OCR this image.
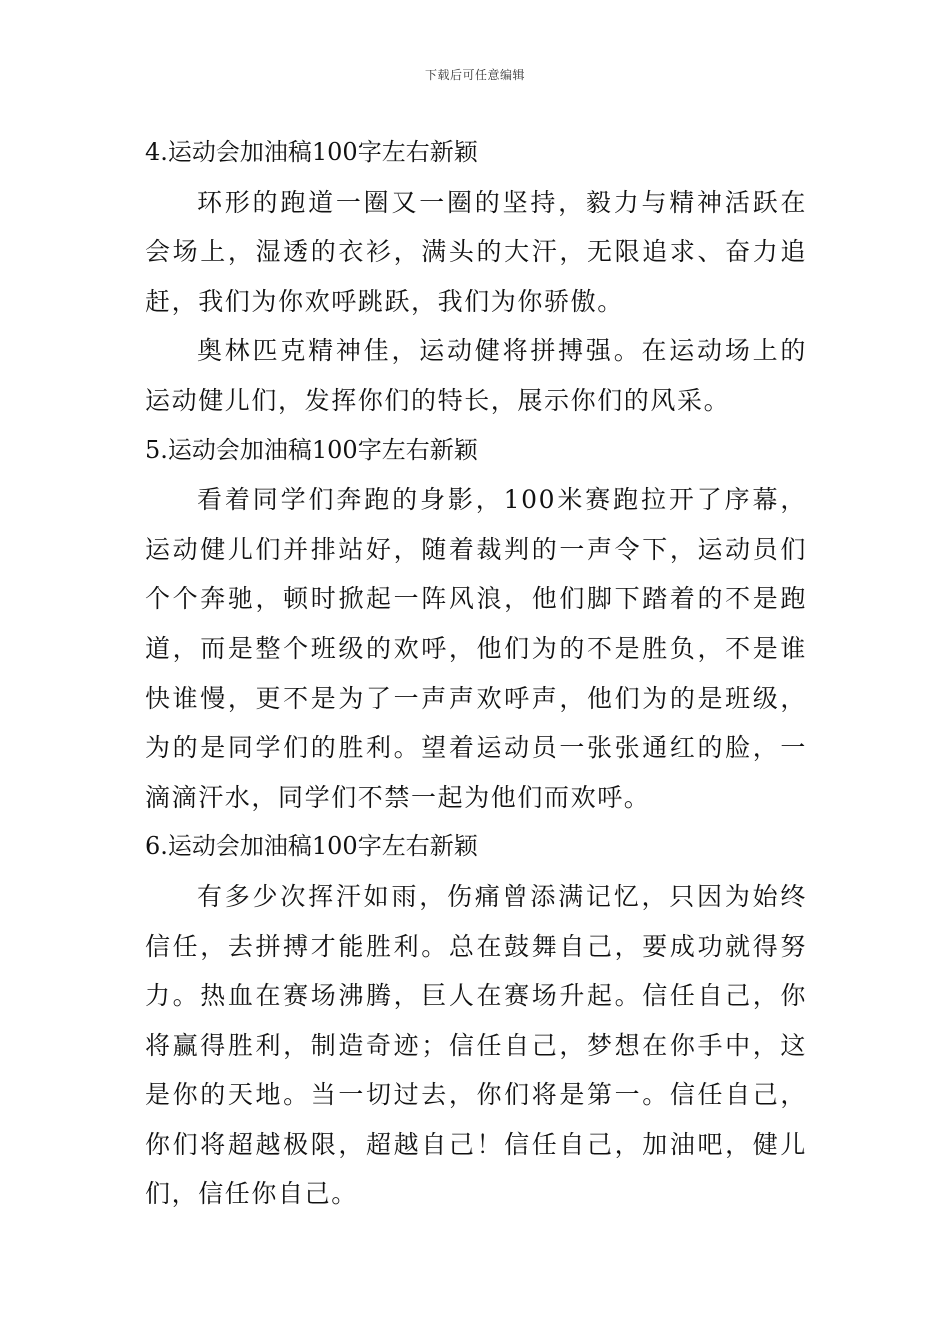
下载后可任意编辑
4.运动会加油稿100字左右新颖

环形的跑道一圈又一圈的坚持，毅力与精神活跃在会场上，湿透的衣衫，满头的大汗，无限追求、奋力追赶，我们为你欢呼跳跃，我们为你骄傲。

奥林匹克精神佳，运动健将拼搏强。在运动场上的运动健儿们，发挥你们的特长，展示你们的风采。

5.运动会加油稿100字左右新颖

看着同学们奔跑的身影，100米赛跑拉开了序幕，运动健儿们并排站好，随着裁判的一声令下，运动员们个个奔驰，顿时掀起一阵风浪，他们脚下踏着的不是跑道，而是整个班级的欢呼，他们为的不是胜负，不是谁快谁慢，更不是为了一声声欢呼声，他们为的是班级，为的是同学们的胜利。望着运动员一张张通红的脸，一滴滴汗水，同学们不禁一起为他们而欢呼。

6.运动会加油稿100字左右新颖

有多少次挥汗如雨，伤痛曾添满记忆，只因为始终信任，去拼搏才能胜利。总在鼓舞自己，要成功就得努力。热血在赛场沸腾，巨人在赛场升起。信任自己，你将赢得胜利，制造奇迹；信任自己，梦想在你手中，这是你的天地。当一切过去，你们将是第一。信任自己，你们将超越极限，超越自己！信任自己，加油吧，健儿们，信任你自己。
